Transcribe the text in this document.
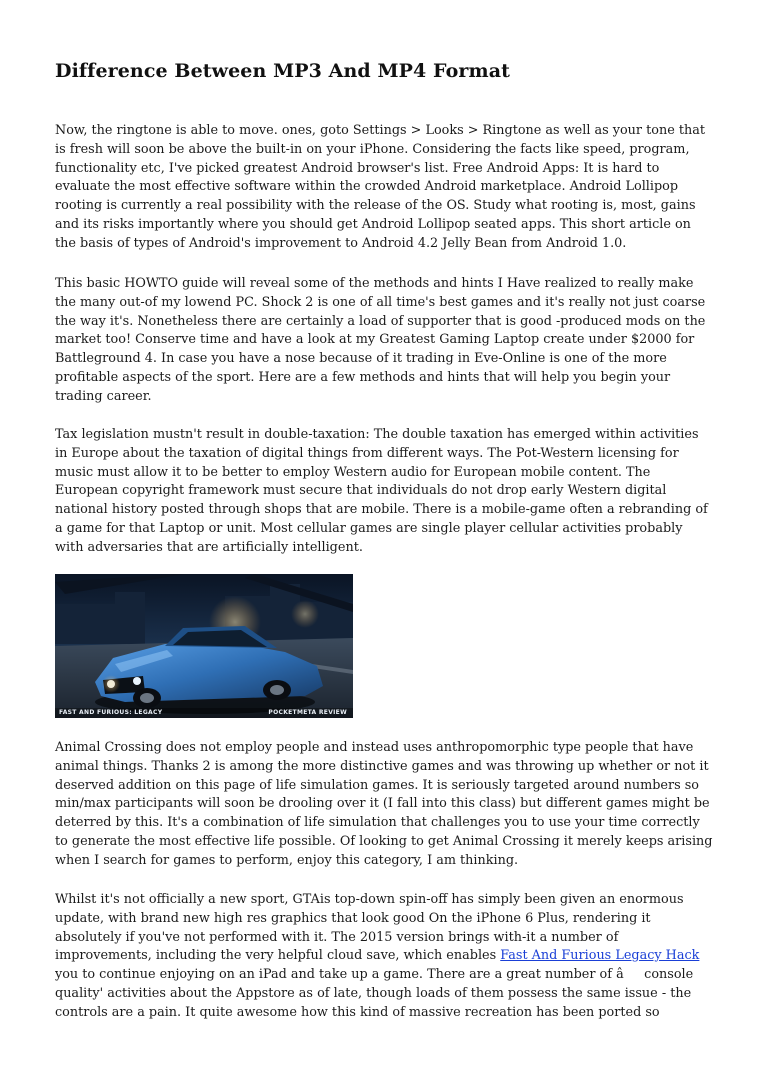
Difference Between MP3 And MP4 Format

Now, the ringtone is able to move. ones, goto Settings > Looks > Ringtone as well as your tone that is fresh will soon be above the built-in on your iPhone. Considering the facts like speed, program, functionality etc, I've picked greatest Android browser's list. Free Android Apps: It is hard to evaluate the most effective software within the crowded Android marketplace. Android Lollipop rooting is currently a real possibility with the release of the OS. Study what rooting is, most, gains and its risks importantly where you should get Android Lollipop seated apps. This short article on the basis of types of Android's improvement to Android 4.2 Jelly Bean from Android 1.0.

This basic HOWTO guide will reveal some of the methods and hints I Have realized to really make the many out-of my lowend PC. Shock 2 is one of all time's best games and it's really not just coarse the way it's. Nonetheless there are certainly a load of supporter that is good -produced mods on the market too! Conserve time and have a look at my Greatest Gaming Laptop create under $2000 for Battleground 4. In case you have a nose because of it trading in Eve-Online is one of the more profitable aspects of the sport. Here are a few methods and hints that will help you begin your trading career.

Tax legislation mustn't result in double-taxation: The double taxation has emerged within activities in Europe about the taxation of digital things from different ways. The Pot-Western licensing for music must allow it to be better to employ Western audio for European mobile content. The European copyright framework must secure that individuals do not drop early Western digital national history posted through shops that are mobile. There is a mobile-game often a rebranding of a game for that Laptop or unit. Most cellular games are single player cellular activities probably with adversaries that are artificially intelligent.

FAST AND FURIOUS: LEGACY	POCKETMETA REVIEW

Animal Crossing does not employ people and instead uses anthropomorphic type people that have animal things. Thanks 2 is among the more distinctive games and was throwing up whether or not it deserved addition on this page of life simulation games. It is seriously targeted around numbers so min/max participants will soon be drooling over it (I fall into this class) but different games might be deterred by this. It's a combination of life simulation that challenges you to use your time correctly to generate the most effective life possible. Of looking to get Animal Crossing it merely keeps arising when I search for games to perform, enjoy this category, I am thinking.

Whilst it's not officially a new sport, GTAis top-down spin-off has simply been given an enormous update, with brand new high res graphics that look good On the iPhone 6 Plus, rendering it absolutely if you've not performed with it. The 2015 version brings with-it a number of improvements, including the very helpful cloud save, which enables Fast And Furious Legacy Hack you to continue enjoying on an iPad and take up a game. There are a great number of âconsole quality' activities about the Appstore as of late, though loads of them possess the same issue - the controls are a pain. It quite awesome how this kind of massive recreation has been ported so
